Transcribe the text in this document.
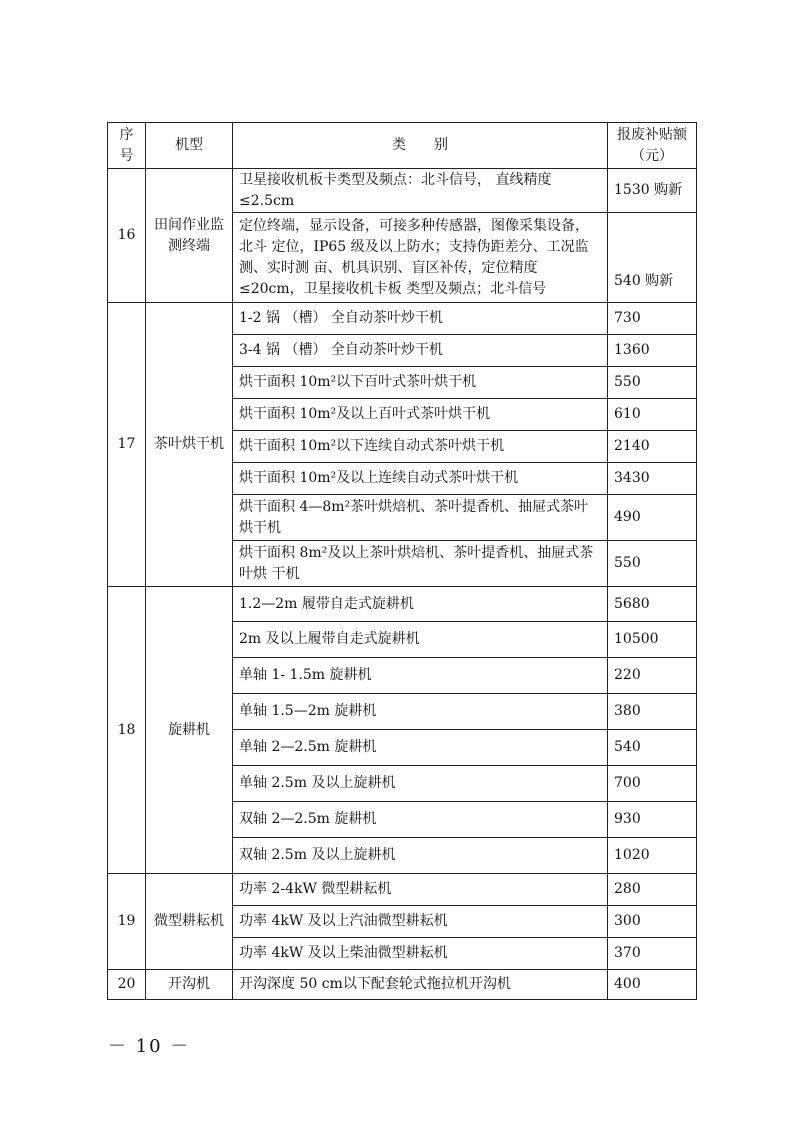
序号	机型	类　　别	报废补贴额
（元）

16	田间作业监测终端	卫星接收机板卡类型及频点：北斗信号， 直线精度≤2.5cm	1530 购新
		定位终端，显示设备，可接多种传感器，图像采集设备，北斗 定位，IP65 级及以上防水；支持伪距差分、工况监测、实时测 亩、机具识别、盲区补传，定位精度≤20cm，卫星接收机卡板 类型及频点；北斗信号	540 购新
17	茶叶烘干机	1-2 锅 （槽） 全自动茶叶炒干机	730
		3-4 锅 （槽） 全自动茶叶炒干机	1360
		烘干面积 10m²以下百叶式茶叶烘干机	550
		烘干面积 10m²及以上百叶式茶叶烘干机	610
		烘干面积 10m²以下连续自动式茶叶烘干机	2140
		烘干面积 10m²及以上连续自动式茶叶烘干机	3430
		烘干面积 4—8m²茶叶烘焙机、茶叶提香机、抽屉式茶叶烘干机	490
		烘干面积 8m²及以上茶叶烘焙机、茶叶提香机、抽屉式茶叶烘 干机	550
18	旋耕机	1.2—2m 履带自走式旋耕机	5680
		2m 及以上履带自走式旋耕机	10500
		单轴 1- 1.5m 旋耕机	220
		单轴 1.5—2m 旋耕机	380
		单轴 2—2.5m 旋耕机	540
		单轴 2.5m 及以上旋耕机	700
		双轴 2—2.5m 旋耕机	930
		双轴 2.5m 及以上旋耕机	1020
19	微型耕耘机	功率 2-4kW 微型耕耘机	280
		功率 4kW 及以上汽油微型耕耘机	300
		功率 4kW 及以上柴油微型耕耘机	370
20	开沟机	开沟深度 50 cm以下配套轮式拖拉机开沟机	400
－ 10 －
